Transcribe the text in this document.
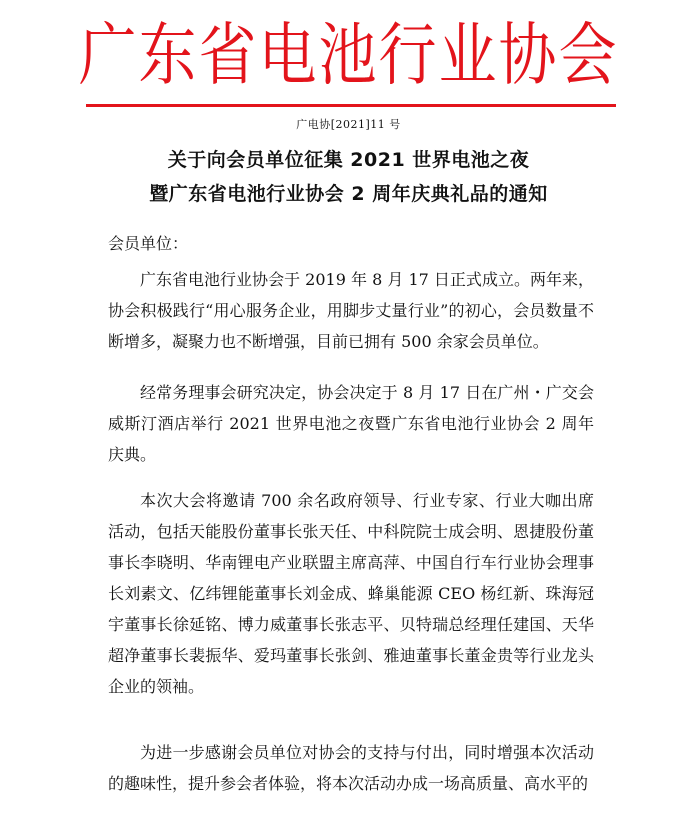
广东省电池行业协会
广电协[2021]11 号
关于向会员单位征集 2021 世界电池之夜
暨广东省电池行业协会 2 周年庆典礼品的通知
会员单位：
广东省电池行业协会于 2019 年 8 月 17 日正式成立。两年来，协会积极践行“用心服务企业，用脚步丈量行业”的初心，会员数量不断增多，凝聚力也不断增强，目前已拥有 500 余家会员单位。
经常务理事会研究决定，协会决定于 8 月 17 日在广州・广交会威斯汀酒店举行 2021 世界电池之夜暨广东省电池行业协会 2 周年庆典。
本次大会将邀请 700 余名政府领导、行业专家、行业大咖出席活动，包括天能股份董事长张天任、中科院院士成会明、恩捷股份董事长李晓明、华南锂电产业联盟主席高萍、中国自行车行业协会理事长刘素文、亿纬锂能董事长刘金成、蜂巢能源 CEO 杨红新、珠海冠宇董事长徐延铭、博力威董事长张志平、贝特瑞总经理任建国、天华超净董事长裴振华、爱玛董事长张剑、雅迪董事长董金贵等行业龙头企业的领袖。
为进一步感谢会员单位对协会的支持与付出，同时增强本次活动的趣味性，提升参会者体验，将本次活动办成一场高质量、高水平的
